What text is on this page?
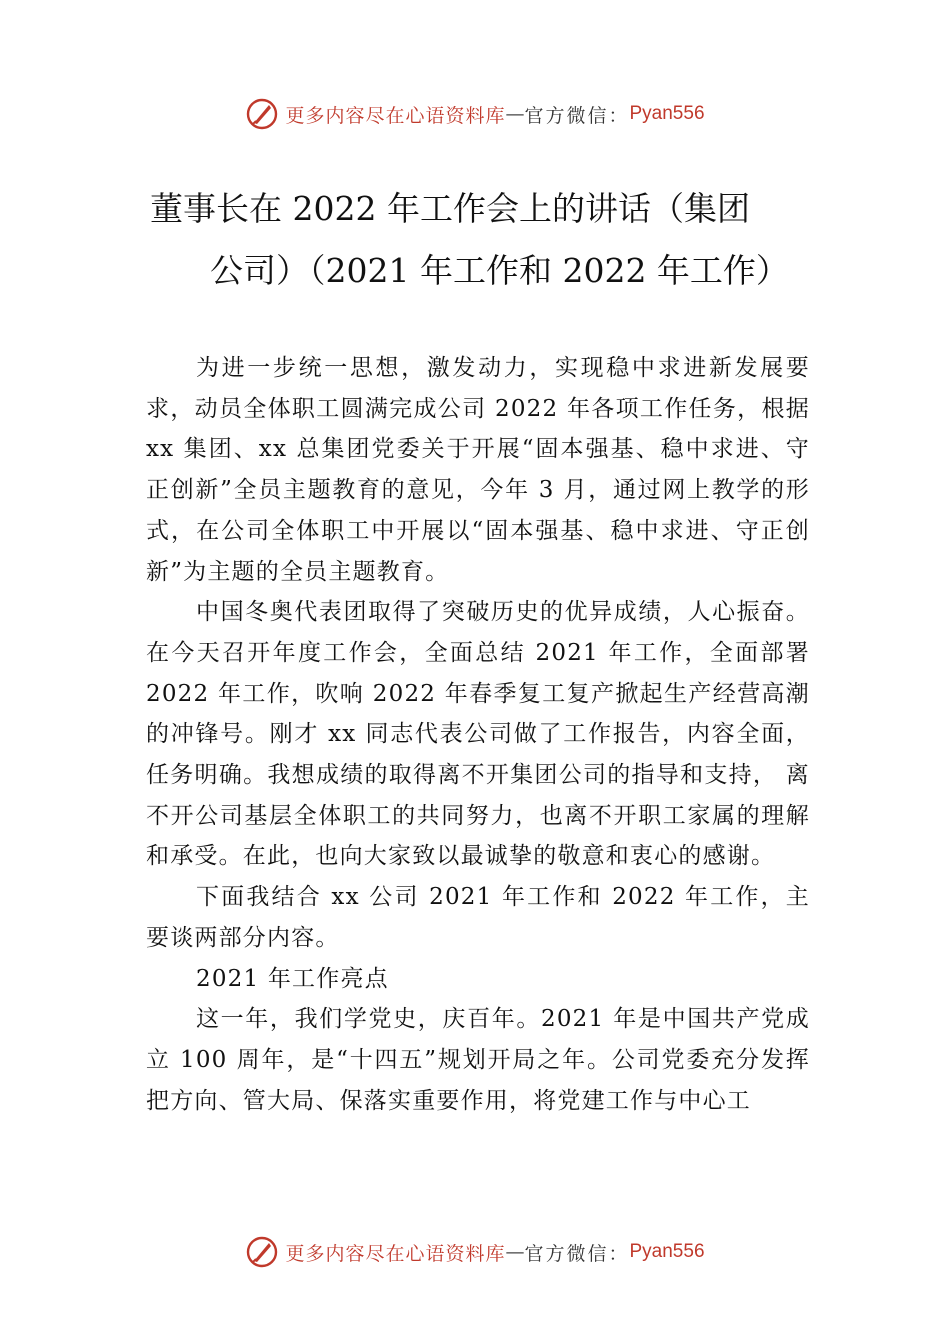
更多内容尽在心语资料库 — 官方微信： Pyan556
董事长在 2022 年工作会上的讲话（集团
公司）（2021 年工作和 2022 年工作）

为进一步统一思想，激发动力，实现稳中求进新发展要求，动员全体职工圆满完成公司 2022 年各项工作任务，根据 xx 集团、xx 总集团党委关于开展“固本强基、稳中求进、守正创新”全员主题教育的意见，今年 3 月，通过网上教学的形式，在公司全体职工中开展以“固本强基、稳中求进、守正创新”为主题的全员主题教育。

中国冬奥代表团取得了突破历史的优异成绩，人心振奋。在今天召开年度工作会，全面总结 2021 年工作，全面部署 2022 年工作，吹响 2022 年春季复工复产掀起生产经营高潮的冲锋号。刚才 xx 同志代表公司做了工作报告，内容全面，任务明确。我想成绩的取得离不开集团公司的指导和支持， 离不开公司基层全体职工的共同努力，也离不开职工家属的理解和承受。在此，也向大家致以最诚挚的敬意和衷心的感谢。

下面我结合 xx 公司 2021 年工作和 2022 年工作，主要谈两部分内容。

2021 年工作亮点

这一年，我们学党史，庆百年。2021 年是中国共产党成立 100 周年，是“十四五”规划开局之年。公司党委充分发挥把方向、管大局、保落实重要作用，将党建工作与中心工

更多内容尽在心语资料库 — 官方微信： Pyan556
